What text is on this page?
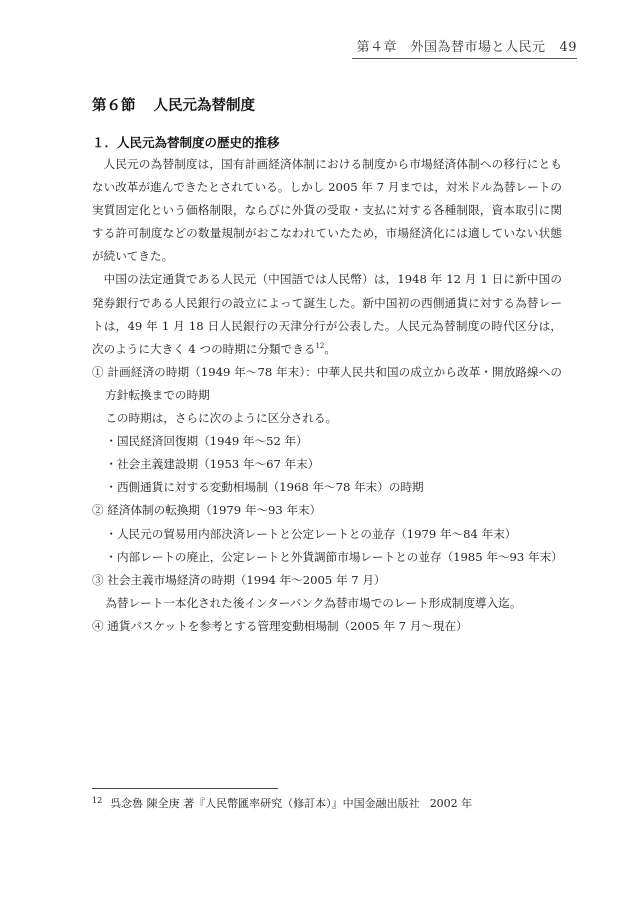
第４章　外国為替市場と人民元 49
第６節 人民元為替制度
１．人民元為替制度の歴史的推移

人民元の為替制度は，国有計画経済体制における制度から市場経済体制への移行にともない改革が進んできたとされている。しかし 2005 年 7 月までは，対米ドル為替レートの実質固定化という価格制限，ならびに外貨の受取・支払に対する各種制限，資本取引に関する許可制度などの数量規制がおこなわれていたため，市場経済化には適していない状態が続いてきた。

中国の法定通貨である人民元（中国語では人民幣）は，1948 年 12 月 1 日に新中国の発券銀行である人民銀行の設立によって誕生した。新中国初の西側通貨に対する為替レートは，49 年 1 月 18 日人民銀行の天津分行が公表した。人民元為替制度の時代区分は，次のように大きく 4 つの時期に分類できる$^{12}$。

① 計画経済の時期（1949 年～78 年末）：中華人民共和国の成立から改革・開放路線への方針転換までの時期

この時期は，さらに次のように区分される。

・国民経済回復期（1949 年～52 年）

・社会主義建設期（1953 年～67 年末）

・西側通貨に対する変動相場制（1968 年～78 年末）の時期

② 経済体制の転換期（1979 年～93 年末）

・人民元の貿易用内部決済レートと公定レートとの並存（1979 年～84 年末）

・内部レートの廃止，公定レートと外貨調節市場レートとの並存（1985 年～93 年末）

③ 社会主義市場経済の時期（1994 年～2005 年 7 月）

為替レート一本化された後インターバンク為替市場でのレート形成制度導入迄。

④ 通貨バスケットを参考とする管理変動相場制（2005 年 7 月～現在）

$^{12}$ 呉念魯 陳全庚 著『人民幣匯率研究（修訂本）』中国金融出版社 2002 年
